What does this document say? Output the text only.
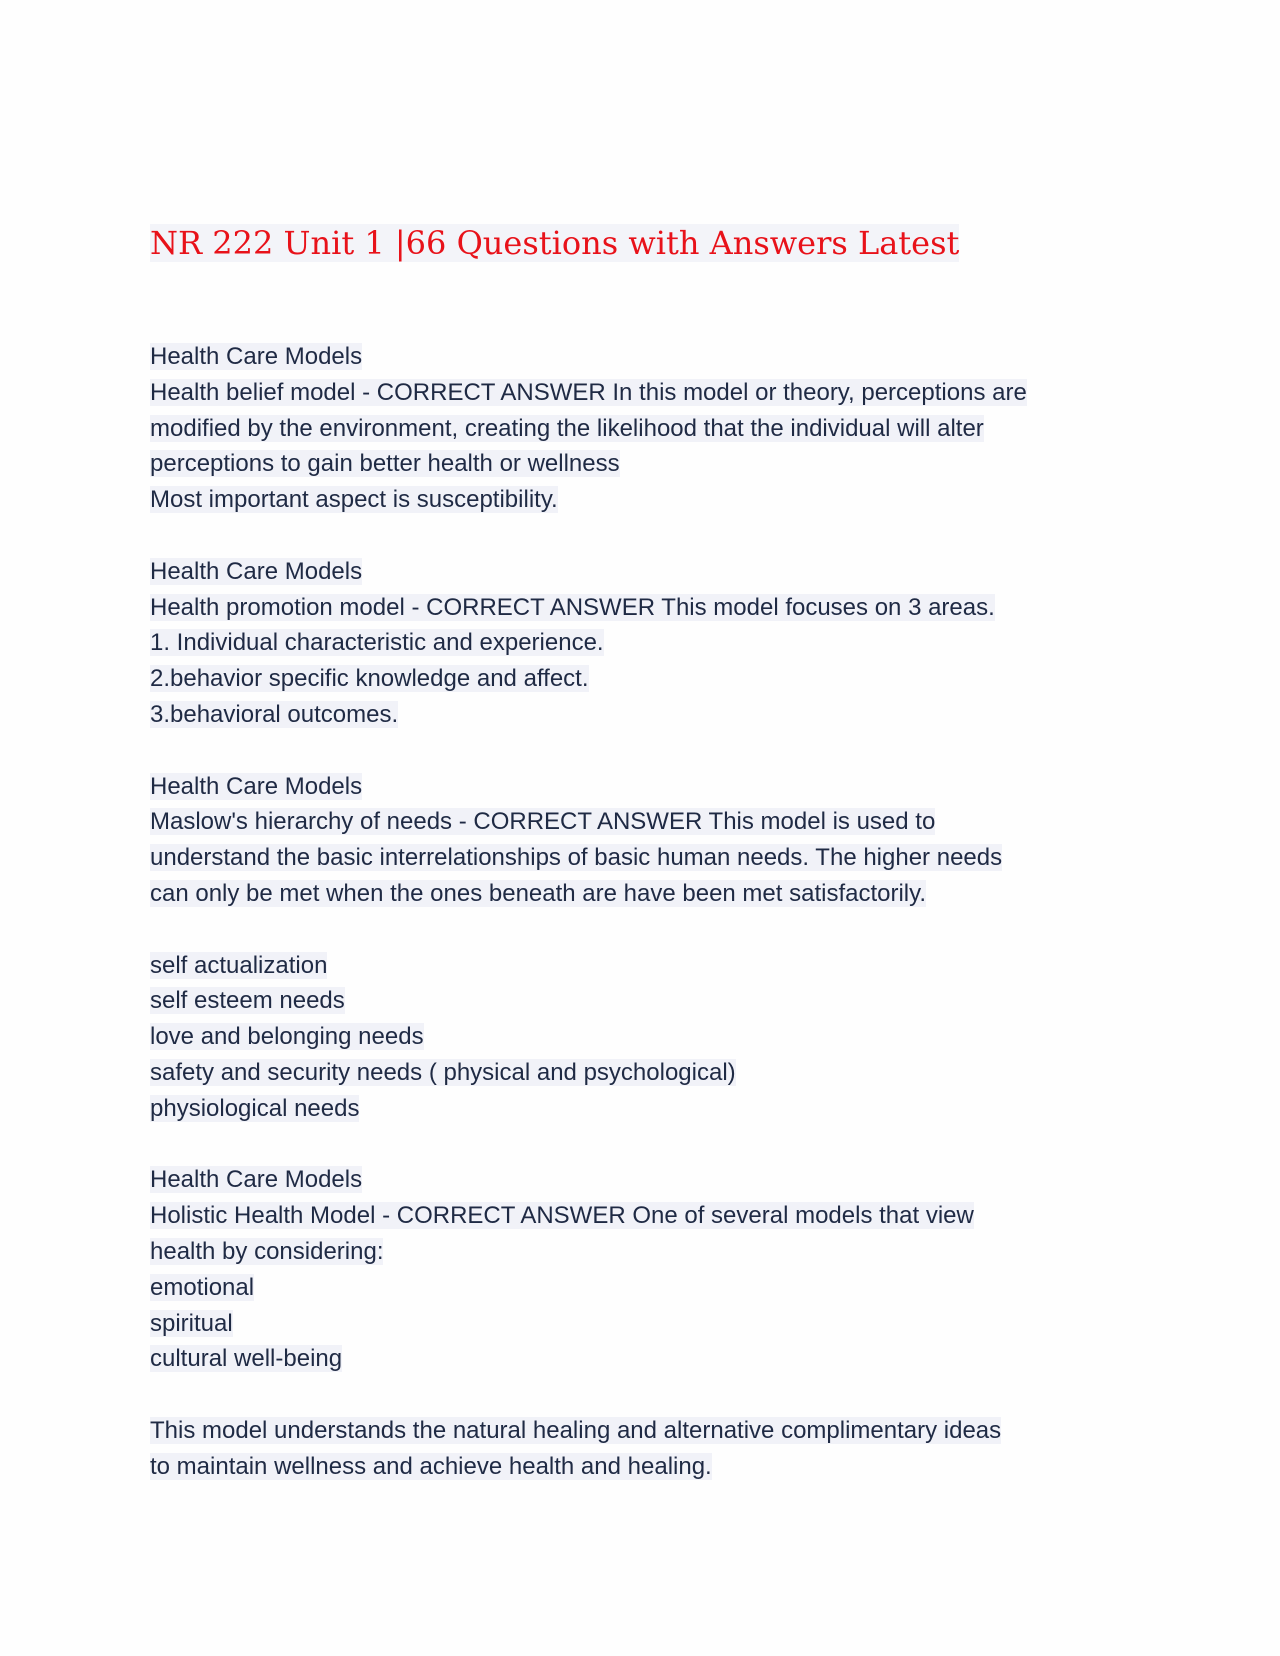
NR 222 Unit 1 |66 Questions with Answers Latest
Health Care Models
Health belief model - CORRECT ANSWER In this model or theory, perceptions are
modified by the environment, creating the likelihood that the individual will alter
perceptions to gain better health or wellness
Most important aspect is susceptibility.
Health Care Models
Health promotion model - CORRECT ANSWER This model focuses on 3 areas.
1. Individual characteristic and experience.
2.behavior specific knowledge and affect.
3.behavioral outcomes.
Health Care Models
Maslow's hierarchy of needs - CORRECT ANSWER This model is used to
understand the basic interrelationships of basic human needs. The higher needs
can only be met when the ones beneath are have been met satisfactorily.
self actualization
self esteem needs
love and belonging needs
safety and security needs ( physical and psychological)
physiological needs
Health Care Models
Holistic Health Model - CORRECT ANSWER One of several models that view
health by considering:
emotional
spiritual
cultural well-being
This model understands the natural healing and alternative complimentary ideas
to maintain wellness and achieve health and healing.
